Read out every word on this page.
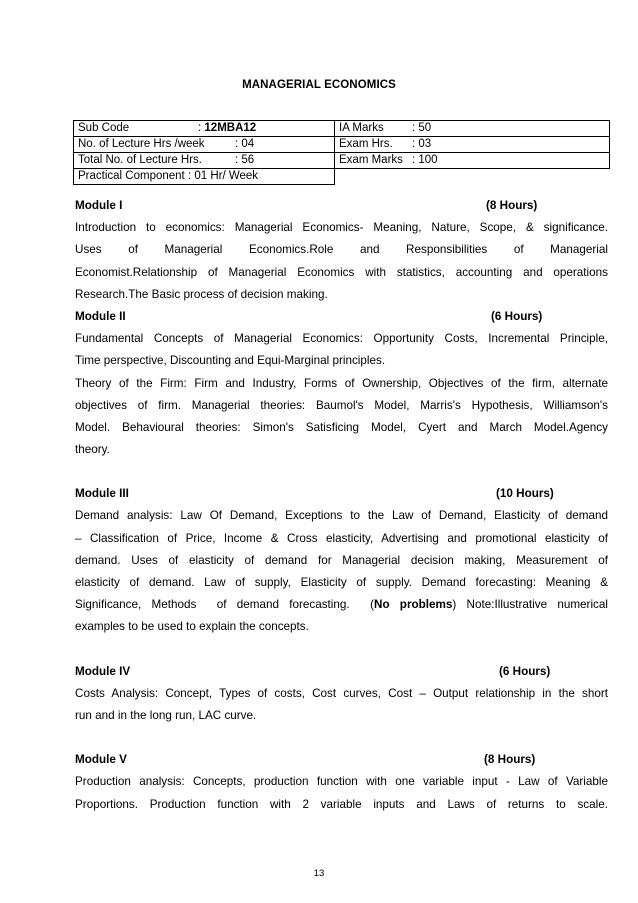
MANAGERIAL ECONOMICS
Sub Code : 12MBA12	IA Marks : 50
No. of Lecture Hrs /week : 04	Exam Hrs. : 03
Total No. of Lecture Hrs. : 56	Exam Marks : 100
Practical Component : 01 Hr/ Week	
Module I	(8 Hours)
Introduction to economics: Managerial Economics- Meaning, Nature, Scope, & significance.
Uses of Managerial Economics.Role and Responsibilities of Managerial
Economist.Relationship of Managerial Economics with statistics, accounting and operations
Research.The Basic process of decision making.
Module II	(6 Hours)
Fundamental Concepts of Managerial Economics: Opportunity Costs, Incremental Principle,
Time perspective, Discounting and Equi-Marginal principles.
Theory of the Firm: Firm and Industry, Forms of Ownership, Objectives of the firm, alternate
objectives of firm. Managerial theories: Baumol's Model, Marris's Hypothesis, Williamson's
Model. Behavioural theories: Simon's Satisficing Model, Cyert and March Model.Agency
theory.
Module III	(10 Hours)
Demand analysis: Law Of Demand, Exceptions to the Law of Demand, Elasticity of demand
– Classification of Price, Income & Cross elasticity, Advertising and promotional elasticity of
demand. Uses of elasticity of demand for Managerial decision making, Measurement of
elasticity of demand. Law of supply, Elasticity of supply. Demand forecasting: Meaning &
Significance, Methods  of demand forecasting.  (No problems) Note:Illustrative numerical
examples to be used to explain the concepts.
Module IV	(6 Hours)
Costs Analysis: Concept, Types of costs, Cost curves, Cost – Output relationship in the short
run and in the long run, LAC curve.
Module V	(8 Hours)
Production analysis: Concepts, production function with one variable input - Law of Variable
Proportions. Production function with 2 variable inputs and Laws of returns to scale.
13
